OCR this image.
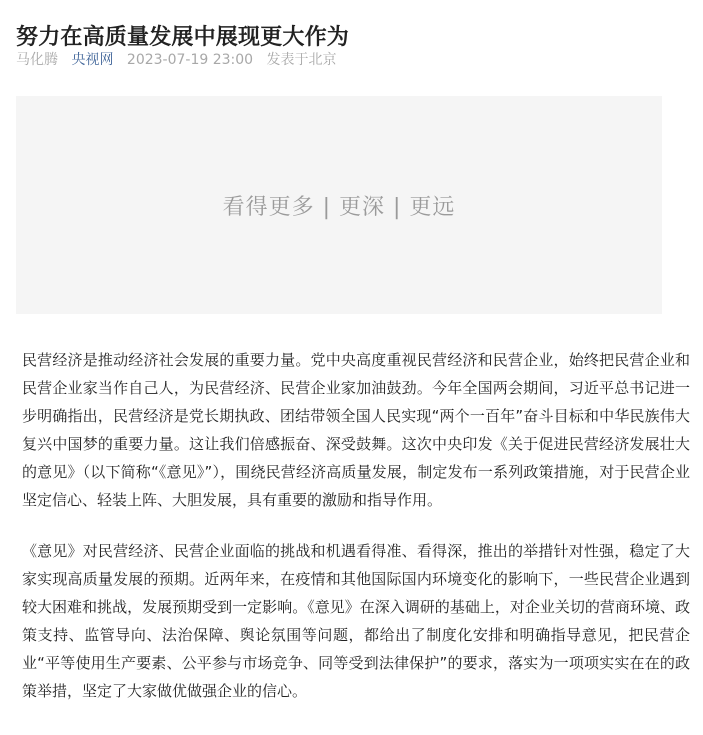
努力在高质量发展中展现更大作为
马化腾 央视网 2023-07-19 23:00 发表于北京
看得更多 | 更深 | 更远

民营经济是推动经济社会发展的重要力量。党中央高度重视民营经济和民营企业，始终把民营企业和民营企业家当作自己人，为民营经济、民营企业家加油鼓劲。今年全国两会期间，习近平总书记进一步明确指出，民营经济是党长期执政、团结带领全国人民实现“两个一百年”奋斗目标和中华民族伟大复兴中国梦的重要力量。这让我们倍感振奋、深受鼓舞。这次中央印发《关于促进民营经济发展壮大的意见》（以下简称“《意见》”），围绕民营经济高质量发展，制定发布一系列政策措施，对于民营企业坚定信心、轻装上阵、大胆发展，具有重要的激励和指导作用。

《意见》对民营经济、民营企业面临的挑战和机遇看得准、看得深，推出的举措针对性强，稳定了大家实现高质量发展的预期。近两年来，在疫情和其他国际国内环境变化的影响下，一些民营企业遇到较大困难和挑战，发展预期受到一定影响。《意见》在深入调研的基础上，对企业关切的营商环境、政策支持、监管导向、法治保障、舆论氛围等问题，都给出了制度化安排和明确指导意见，把民营企业“平等使用生产要素、公平参与市场竞争、同等受到法律保护”的要求，落实为一项项实实在在的政策举措，坚定了大家做优做强企业的信心。
